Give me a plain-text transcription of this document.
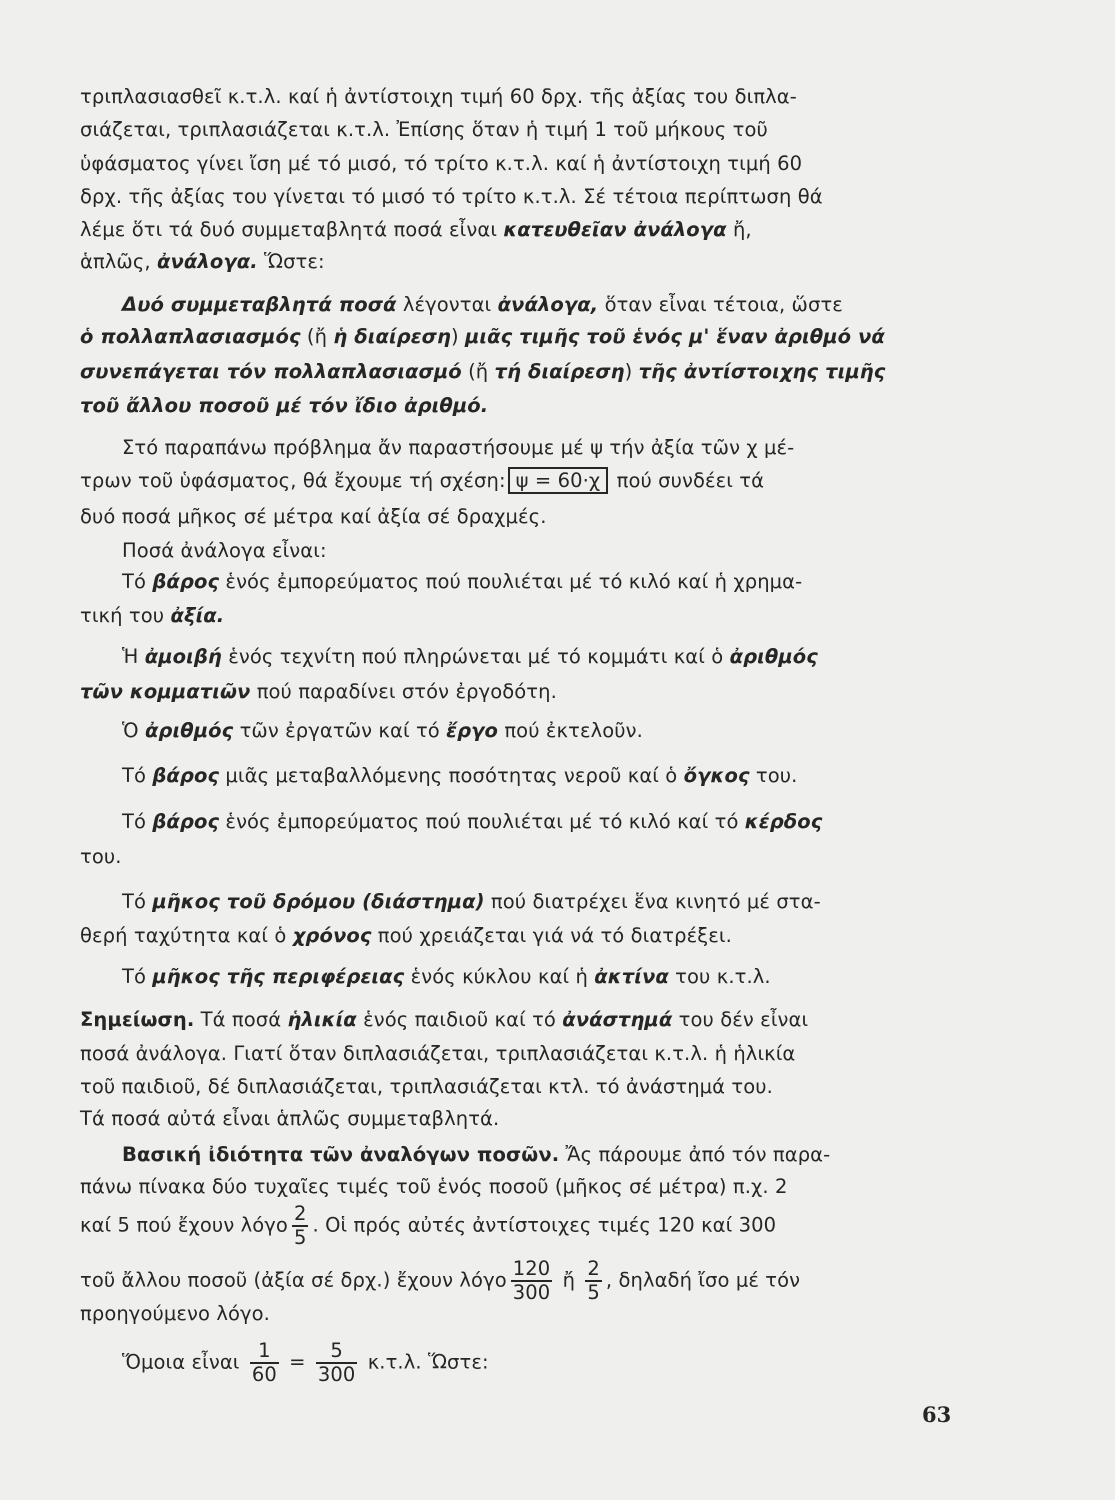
τριπλασιασθεῖ κ.τ.λ. καί ἡ ἀντίστοιχη τιμή 60 δρχ. τῆς ἀξίας του διπλα-
σιάζεται, τριπλασιάζεται κ.τ.λ. Ἐπίσης ὅταν ἡ τιμή 1 τοῦ μήκους τοῦ
ὑφάσματος γίνει ἴση μέ τό μισό, τό τρίτο κ.τ.λ. καί ἡ ἀντίστοιχη τιμή 60
δρχ. τῆς ἀξίας του γίνεται τό μισό τό τρίτο κ.τ.λ. Σέ τέτοια περίπτωση θά
λέμε ὅτι τά δυό συμμεταβλητά ποσά εἶναι κατευθεῖαν ἀνάλογα ἤ,
ἁπλῶς, ἀνάλογα. Ὥστε:
Δυό συμμεταβλητά ποσά λέγονται ἀνάλογα, ὅταν εἶναι τέτοια, ὥστε
ὁ πολλαπλασιασμός (ἤ ἡ διαίρεση) μιᾶς τιμῆς τοῦ ἑνός μ' ἕναν ἀριθμό νά
συνεπάγεται τόν πολλαπλασιασμό (ἤ τή διαίρεση) τῆς ἀντίστοιχης τιμῆς
τοῦ ἄλλου ποσοῦ μέ τόν ἴδιο ἀριθμό.
Στό παραπάνω πρόβλημα ἄν παραστήσουμε μέ ψ τήν ἀξία τῶν χ μέ-
τρων τοῦ ὑφάσματος, θά ἔχουμε τή σχέση: ψ = 60·χ πού συνδέει τά
δυό ποσά μῆκος σέ μέτρα καί ἀξία σέ δραχμές.
Ποσά ἀνάλογα εἶναι:
Τό βάρος ἑνός ἐμπορεύματος πού πουλιέται μέ τό κιλό καί ἡ χρημα-
τική του ἀξία.
Ἡ ἀμοιβή ἑνός τεχνίτη πού πληρώνεται μέ τό κομμάτι καί ὁ ἀριθμός
τῶν κομματιῶν πού παραδίνει στόν ἐργοδότη.
Ὁ ἀριθμός τῶν ἐργατῶν καί τό ἔργο πού ἐκτελοῦν.
Τό βάρος μιᾶς μεταβαλλόμενης ποσότητας νεροῦ καί ὁ ὄγκος του.
Τό βάρος ἑνός ἐμπορεύματος πού πουλιέται μέ τό κιλό καί τό κέρδος
του.
Τό μῆκος τοῦ δρόμου (διάστημα) πού διατρέχει ἕνα κινητό μέ στα-
θερή ταχύτητα καί ὁ χρόνος πού χρειάζεται γιά νά τό διατρέξει.
Τό μῆκος τῆς περιφέρειας ἑνός κύκλου καί ἡ ἀκτίνα του κ.τ.λ.
Σημείωση. Τά ποσά ἡλικία ἑνός παιδιοῦ καί τό ἀνάστημά του δέν εἶναι
ποσά ἀνάλογα. Γιατί ὅταν διπλασιάζεται, τριπλασιάζεται κ.τ.λ. ἡ ἡλικία
τοῦ παιδιοῦ, δέ διπλασιάζεται, τριπλασιάζεται κτλ. τό ἀνάστημά του.
Τά ποσά αὐτά εἶναι ἁπλῶς συμμεταβλητά.
Βασική ἰδιότητα τῶν ἀναλόγων ποσῶν. Ἄς πάρουμε ἀπό τόν παρα-
πάνω πίνακα δύο τυχαῖες τιμές τοῦ ἑνός ποσοῦ (μῆκος σέ μέτρα) π.χ. 2
καί 5 πού ἔχουν λόγο $\frac{2}{5}$ . Οἱ πρός αὐτές ἀντίστοιχες τιμές 120 καί 300
τοῦ ἄλλου ποσοῦ (ἀξία σέ δρχ.) ἔχουν λόγο $\frac{120}{300}$ ἤ $\frac{2}{5}$ , δηλαδή ἴσο μέ τόν
προηγούμενο λόγο.
Ὅμοια εἶναι $\frac{1}{60} = \frac{5}{300} \kappa.\tau.\lambda$. Ὥστε:
63
